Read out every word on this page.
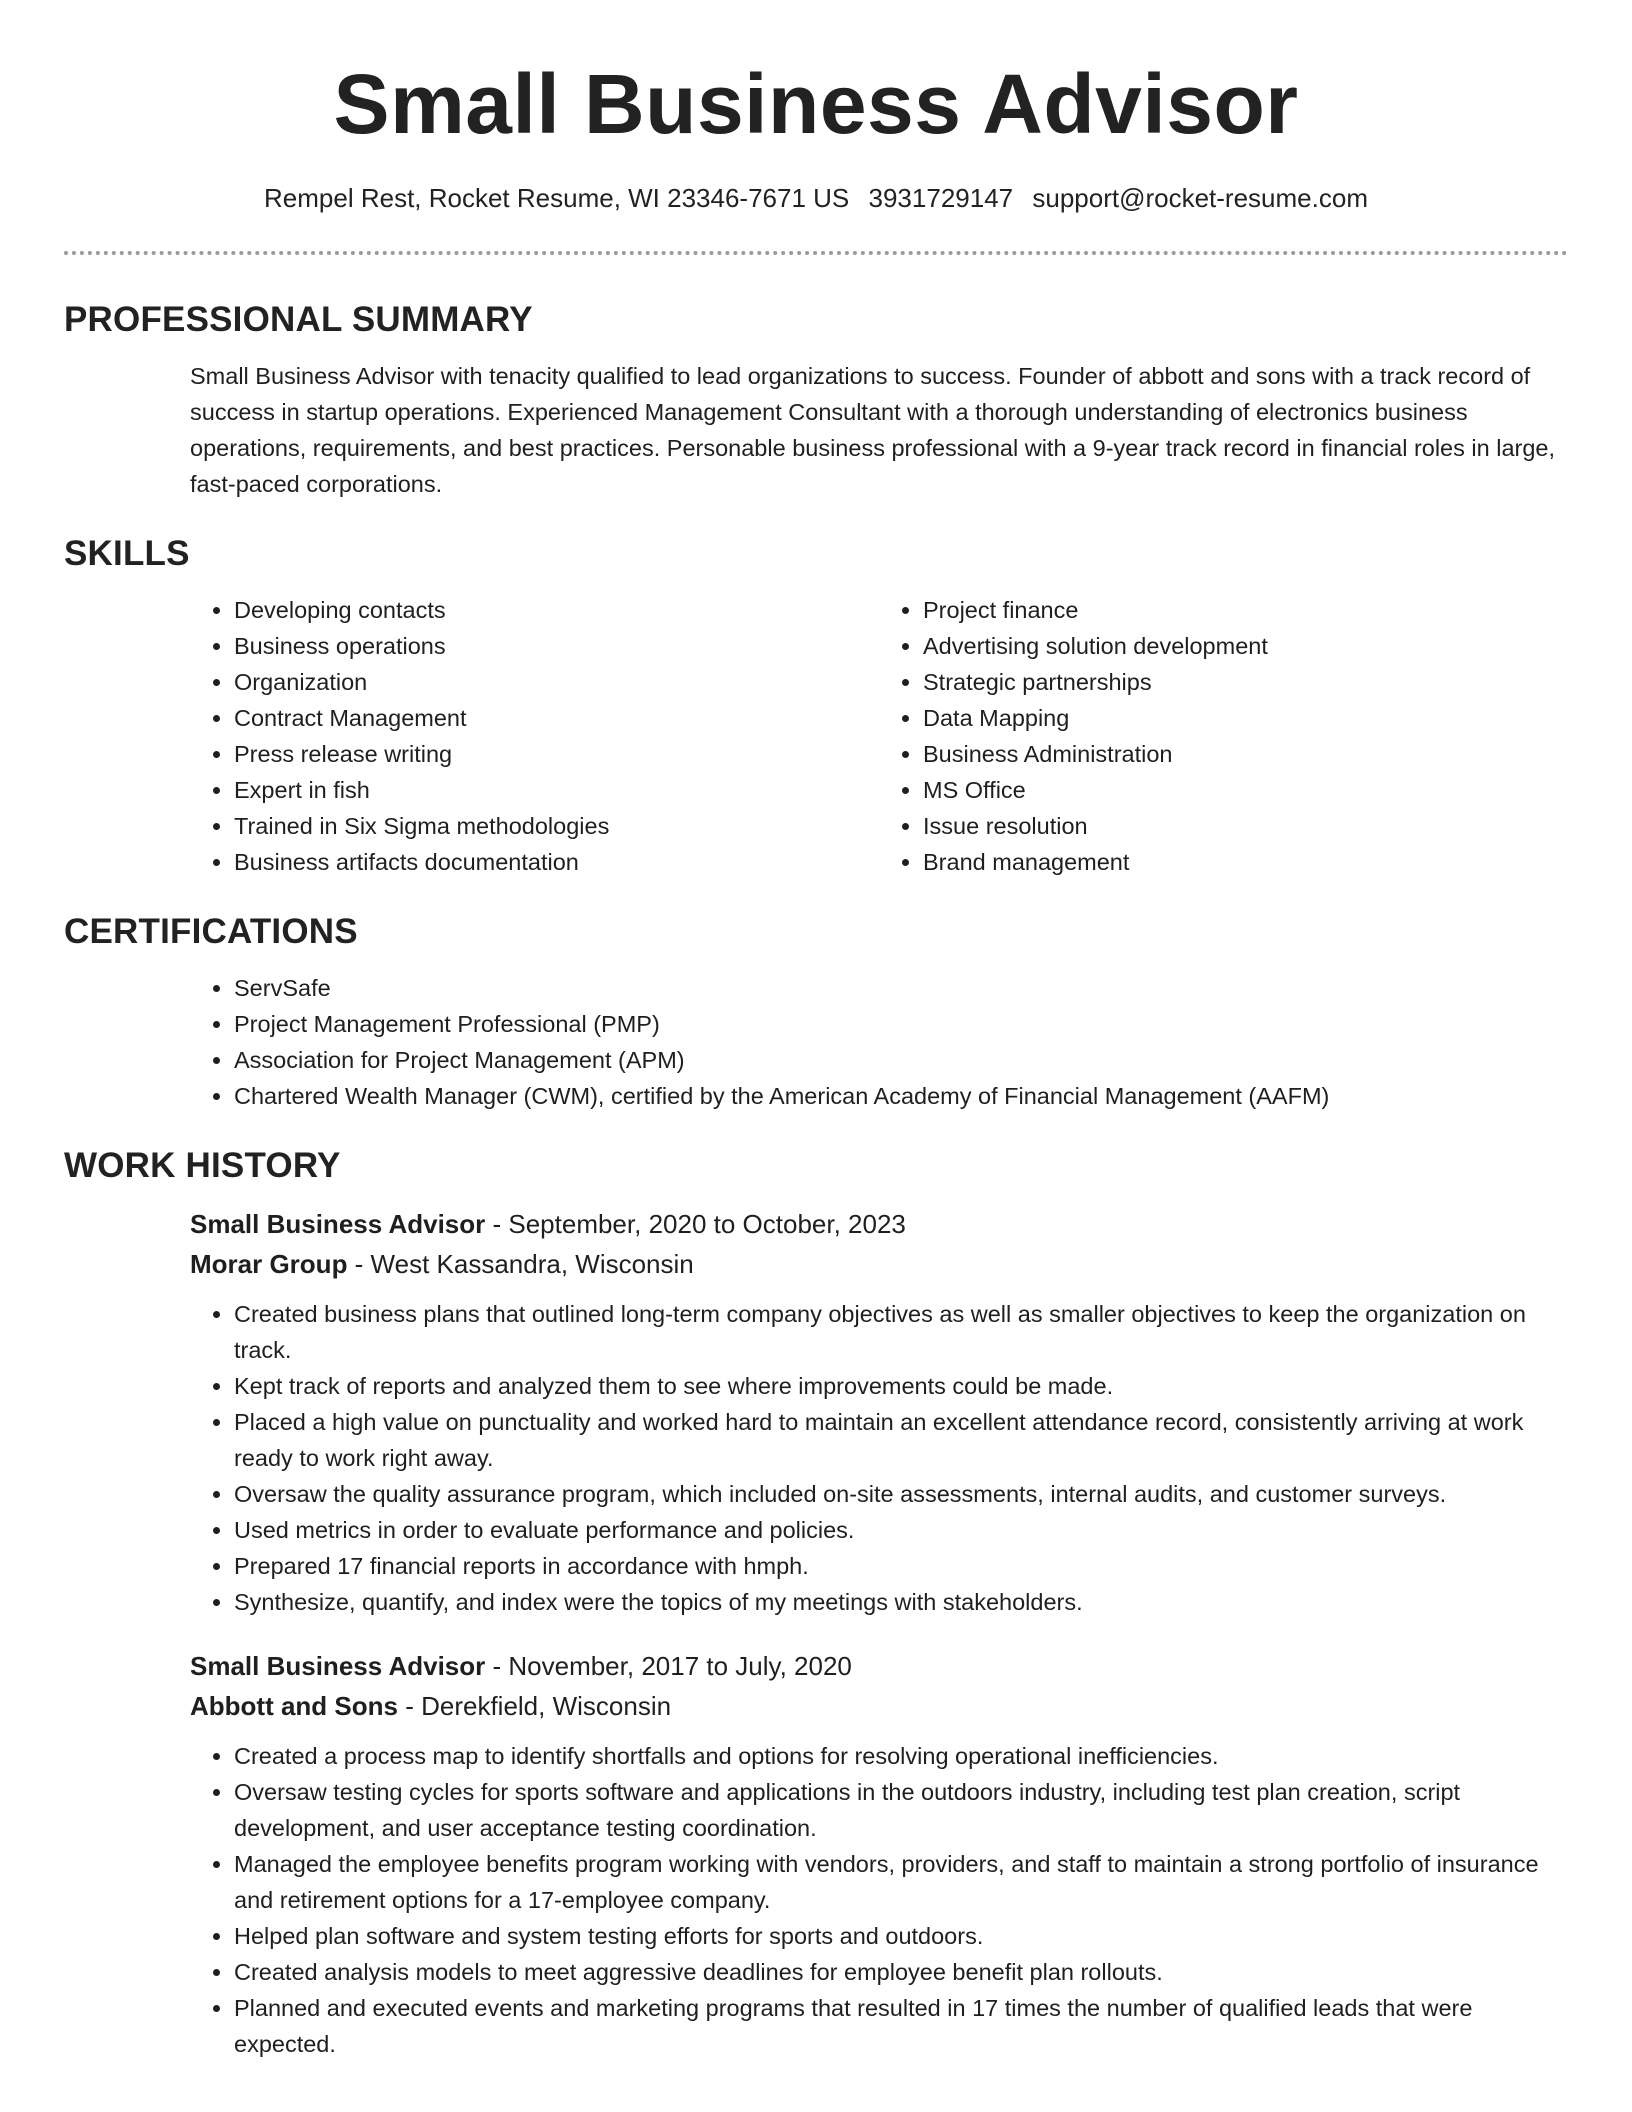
Small Business Advisor
Rempel Rest, Rocket Resume, WI 23346-7671 US 3931729147 support@rocket-resume.com
PROFESSIONAL SUMMARY

Small Business Advisor with tenacity qualified to lead organizations to success. Founder of abbott and sons with a track record of success in startup operations. Experienced Management Consultant with a thorough understanding of electronics business operations, requirements, and best practices. Personable business professional with a 9-year track record in financial roles in large, fast-paced corporations.

SKILLS
• Developing contacts
• Business operations
• Organization
• Contract Management
• Press release writing
• Expert in fish
• Trained in Six Sigma methodologies
• Business artifacts documentation
• Project finance
• Advertising solution development
• Strategic partnerships
• Data Mapping
• Business Administration
• MS Office
• Issue resolution
• Brand management
CERTIFICATIONS
• ServSafe
• Project Management Professional (PMP)
• Association for Project Management (APM)
• Chartered Wealth Manager (CWM), certified by the American Academy of Financial Management (AAFM)
WORK HISTORY
Small Business Advisor - September, 2020 to October, 2023
Morar Group - West Kassandra, Wisconsin
• Created business plans that outlined long-term company objectives as well as smaller objectives to keep the organization on track.
• Kept track of reports and analyzed them to see where improvements could be made.
• Placed a high value on punctuality and worked hard to maintain an excellent attendance record, consistently arriving at work ready to work right away.
• Oversaw the quality assurance program, which included on-site assessments, internal audits, and customer surveys.
• Used metrics in order to evaluate performance and policies.
• Prepared 17 financial reports in accordance with hmph.
• Synthesize, quantify, and index were the topics of my meetings with stakeholders.
Small Business Advisor - November, 2017 to July, 2020
Abbott and Sons - Derekfield, Wisconsin
• Created a process map to identify shortfalls and options for resolving operational inefficiencies.
• Oversaw testing cycles for sports software and applications in the outdoors industry, including test plan creation, script development, and user acceptance testing coordination.
• Managed the employee benefits program working with vendors, providers, and staff to maintain a strong portfolio of insurance and retirement options for a 17-employee company.
• Helped plan software and system testing efforts for sports and outdoors.
• Created analysis models to meet aggressive deadlines for employee benefit plan rollouts.
• Planned and executed events and marketing programs that resulted in 17 times the number of qualified leads that were expected.
